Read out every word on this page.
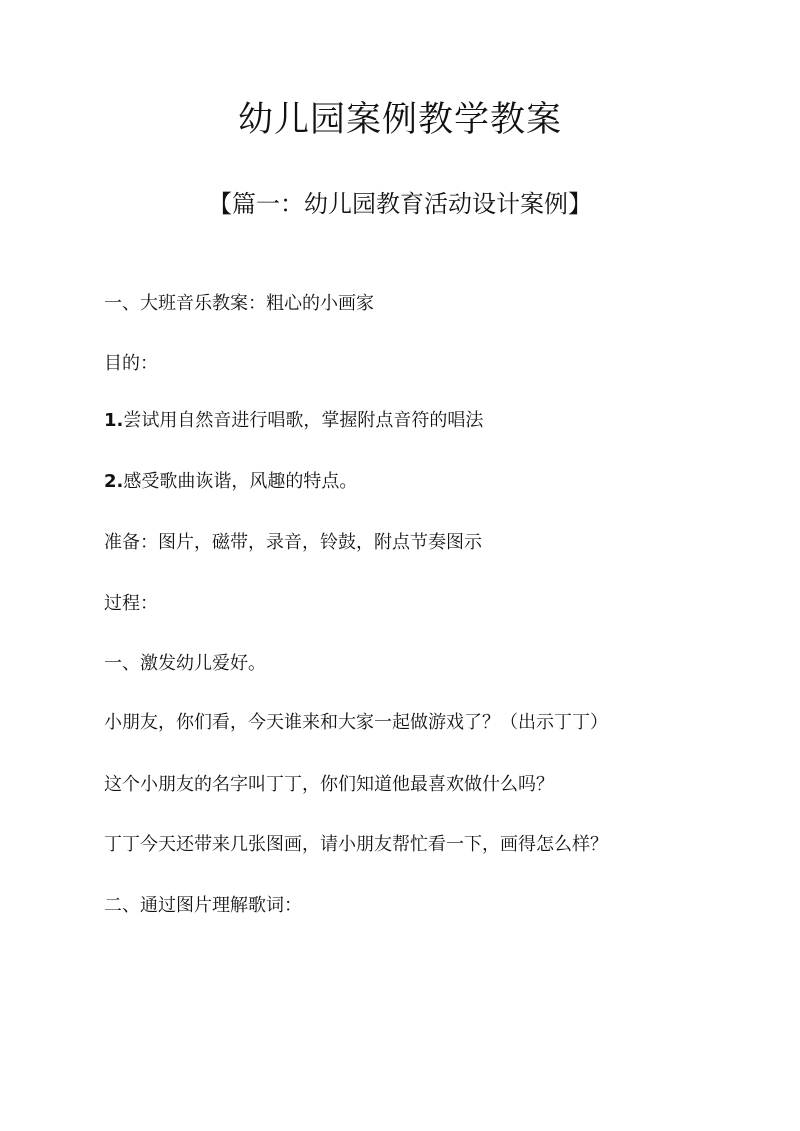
幼儿园案例教学教案
【篇一：幼儿园教育活动设计案例】
一、大班音乐教案：粗心的小画家
目的：
1.尝试用自然音进行唱歌，掌握附点音符的唱法
2.感受歌曲诙谐，风趣的特点。
准备：图片，磁带，录音，铃鼓，附点节奏图示
过程：
一、激发幼儿爱好。
小朋友，你们看，今天谁来和大家一起做游戏了？（出示丁丁）
这个小朋友的名字叫丁丁，你们知道他最喜欢做什么吗？
丁丁今天还带来几张图画，请小朋友帮忙看一下，画得怎么样？
二、通过图片理解歌词：
